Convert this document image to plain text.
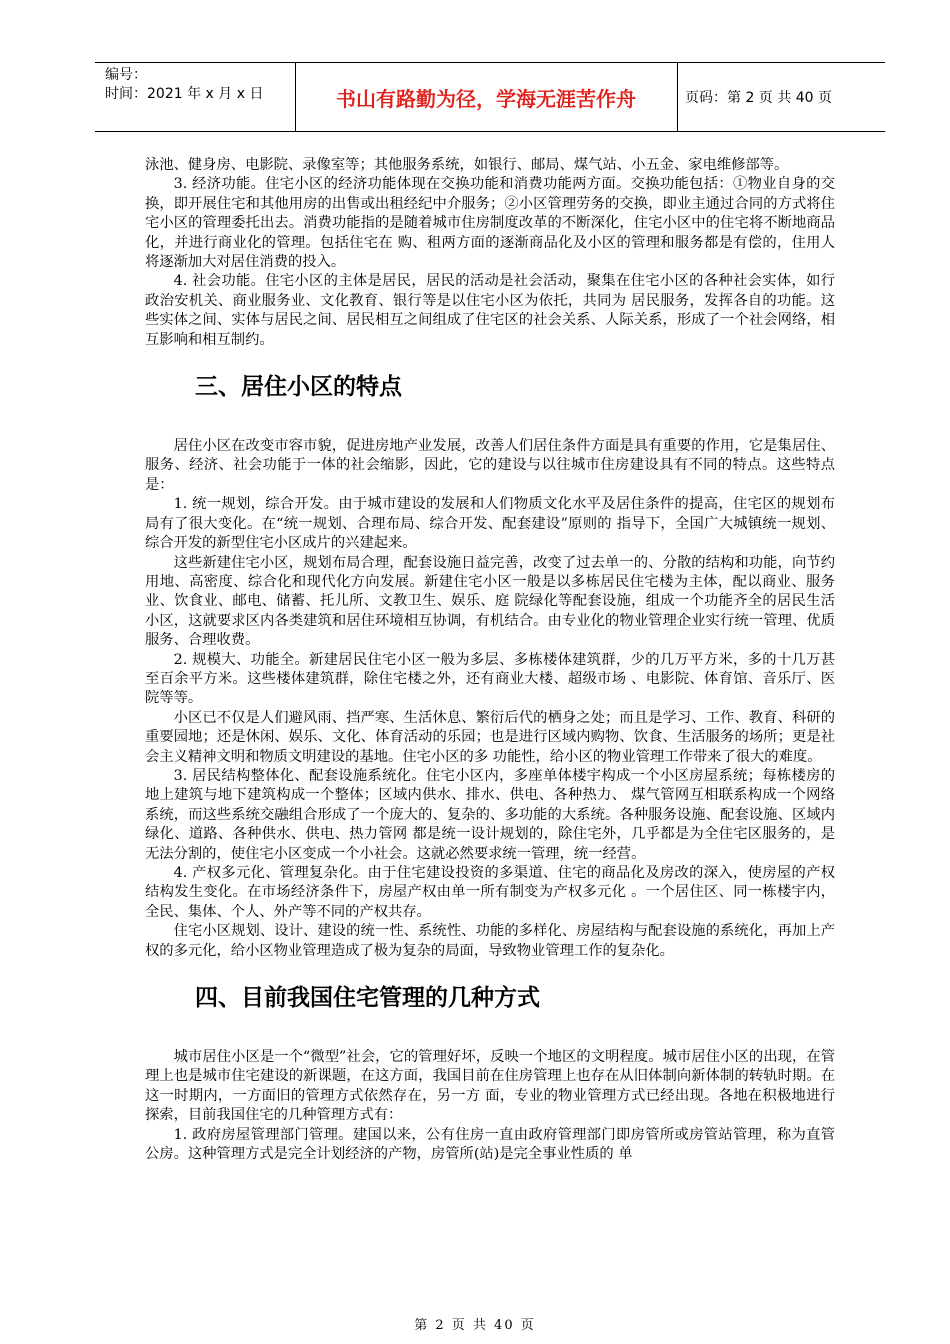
编号：
时间：2021 年 x 月 x 日	书山有路勤为径，学海无涯苦作舟	页码：第 2 页 共 40 页

泳池、健身房、电影院、录像室等；其他服务系统，如银行、邮局、煤气站、小五金、家电维修部等。

3. 经济功能。住宅小区的经济功能体现在交换功能和消费功能两方面。交换功能包括：①物业自身的交换，即开展住宅和其他用房的出售或出租经纪中介服务；②小区管理劳务的交换，即业主通过合同的方式将住宅小区的管理委托出去。消费功能指的是随着城市住房制度改革的不断深化，住宅小区中的住宅将不断地商品化，并进行商业化的管理。包括住宅在 购、租两方面的逐渐商品化及小区的管理和服务都是有偿的，住用人将逐渐加大对居住消费的投入。

4. 社会功能。住宅小区的主体是居民，居民的活动是社会活动，聚集在住宅小区的各种社会实体，如行政治安机关、商业服务业、文化教育、银行等是以住宅小区为依托，共同为 居民服务，发挥各自的功能。这些实体之间、实体与居民之间、居民相互之间组成了住宅区的社会关系、人际关系，形成了一个社会网络，相互影响和相互制约。

三、居住小区的特点

居住小区在改变市容市貌，促进房地产业发展，改善人们居住条件方面是具有重要的作用，它是集居住、服务、经济、社会功能于一体的社会缩影，因此，它的建设与以往城市住房建设具有不同的特点。这些特点是：

1. 统一规划，综合开发。由于城市建设的发展和人们物质文化水平及居住条件的提高，住宅区的规划布局有了很大变化。在“统一规划、合理布局、综合开发、配套建设”原则的 指导下，全国广大城镇统一规划、综合开发的新型住宅小区成片的兴建起来。

这些新建住宅小区，规划布局合理，配套设施日益完善，改变了过去单一的、分散的结构和功能，向节约用地、高密度、综合化和现代化方向发展。新建住宅小区一般是以多栋居民住宅楼为主体，配以商业、服务业、饮食业、邮电、储蓄、托儿所、文教卫生、娱乐、庭 院绿化等配套设施，组成一个功能齐全的居民生活小区，这就要求区内各类建筑和居住环境相互协调，有机结合。由专业化的物业管理企业实行统一管理、优质服务、合理收费。

2. 规模大、功能全。新建居民住宅小区一般为多层、多栋楼体建筑群，少的几万平方米，多的十几万甚至百余平方米。这些楼体建筑群，除住宅楼之外，还有商业大楼、超级市场 、电影院、体育馆、音乐厅、医院等等。

小区已不仅是人们避风雨、挡严寒、生活休息、繁衍后代的栖身之处；而且是学习、工作、教育、科研的重要园地；还是休闲、娱乐、文化、体育活动的乐园；也是进行区域内购物、饮食、生活服务的场所；更是社会主义精神文明和物质文明建设的基地。住宅小区的多 功能性，给小区的物业管理工作带来了很大的难度。

3. 居民结构整体化、配套设施系统化。住宅小区内，多座单体楼宇构成一个小区房屋系统；每栋楼房的地上建筑与地下建筑构成一个整体；区域内供水、排水、供电、各种热力、 煤气管网互相联系构成一个网络系统，而这些系统交融组合形成了一个庞大的、复杂的、多功能的大系统。各种服务设施、配套设施、区域内绿化、道路、各种供水、供电、热力管网 都是统一设计规划的，除住宅外，几乎都是为全住宅区服务的，是无法分割的，使住宅小区变成一个小社会。这就必然要求统一管理，统一经营。

4. 产权多元化、管理复杂化。由于住宅建设投资的多渠道、住宅的商品化及房改的深入，使房屋的产权结构发生变化。在市场经济条件下，房屋产权由单一所有制变为产权多元化 。一个居住区、同一栋楼宇内，全民、集体、个人、外产等不同的产权共存。

住宅小区规划、设计、建设的统一性、系统性、功能的多样化、房屋结构与配套设施的系统化，再加上产权的多元化，给小区物业管理造成了极为复杂的局面，导致物业管理工作的复杂化。

四、目前我国住宅管理的几种方式

城市居住小区是一个“微型”社会，它的管理好坏，反映一个地区的文明程度。城市居住小区的出现，在管理上也是城市住宅建设的新课题，在这方面，我国目前在住房管理上也存在从旧体制向新体制的转轨时期。在这一时期内，一方面旧的管理方式依然存在，另一方 面，专业的物业管理方式已经出现。各地在积极地进行探索，目前我国住宅的几种管理方式有：

1. 政府房屋管理部门管理。建国以来，公有住房一直由政府管理部门即房管所或房管站管理，称为直管公房。这种管理方式是完全计划经济的产物，房管所(站)是完全事业性质的 单

第 2 页 共 40 页
